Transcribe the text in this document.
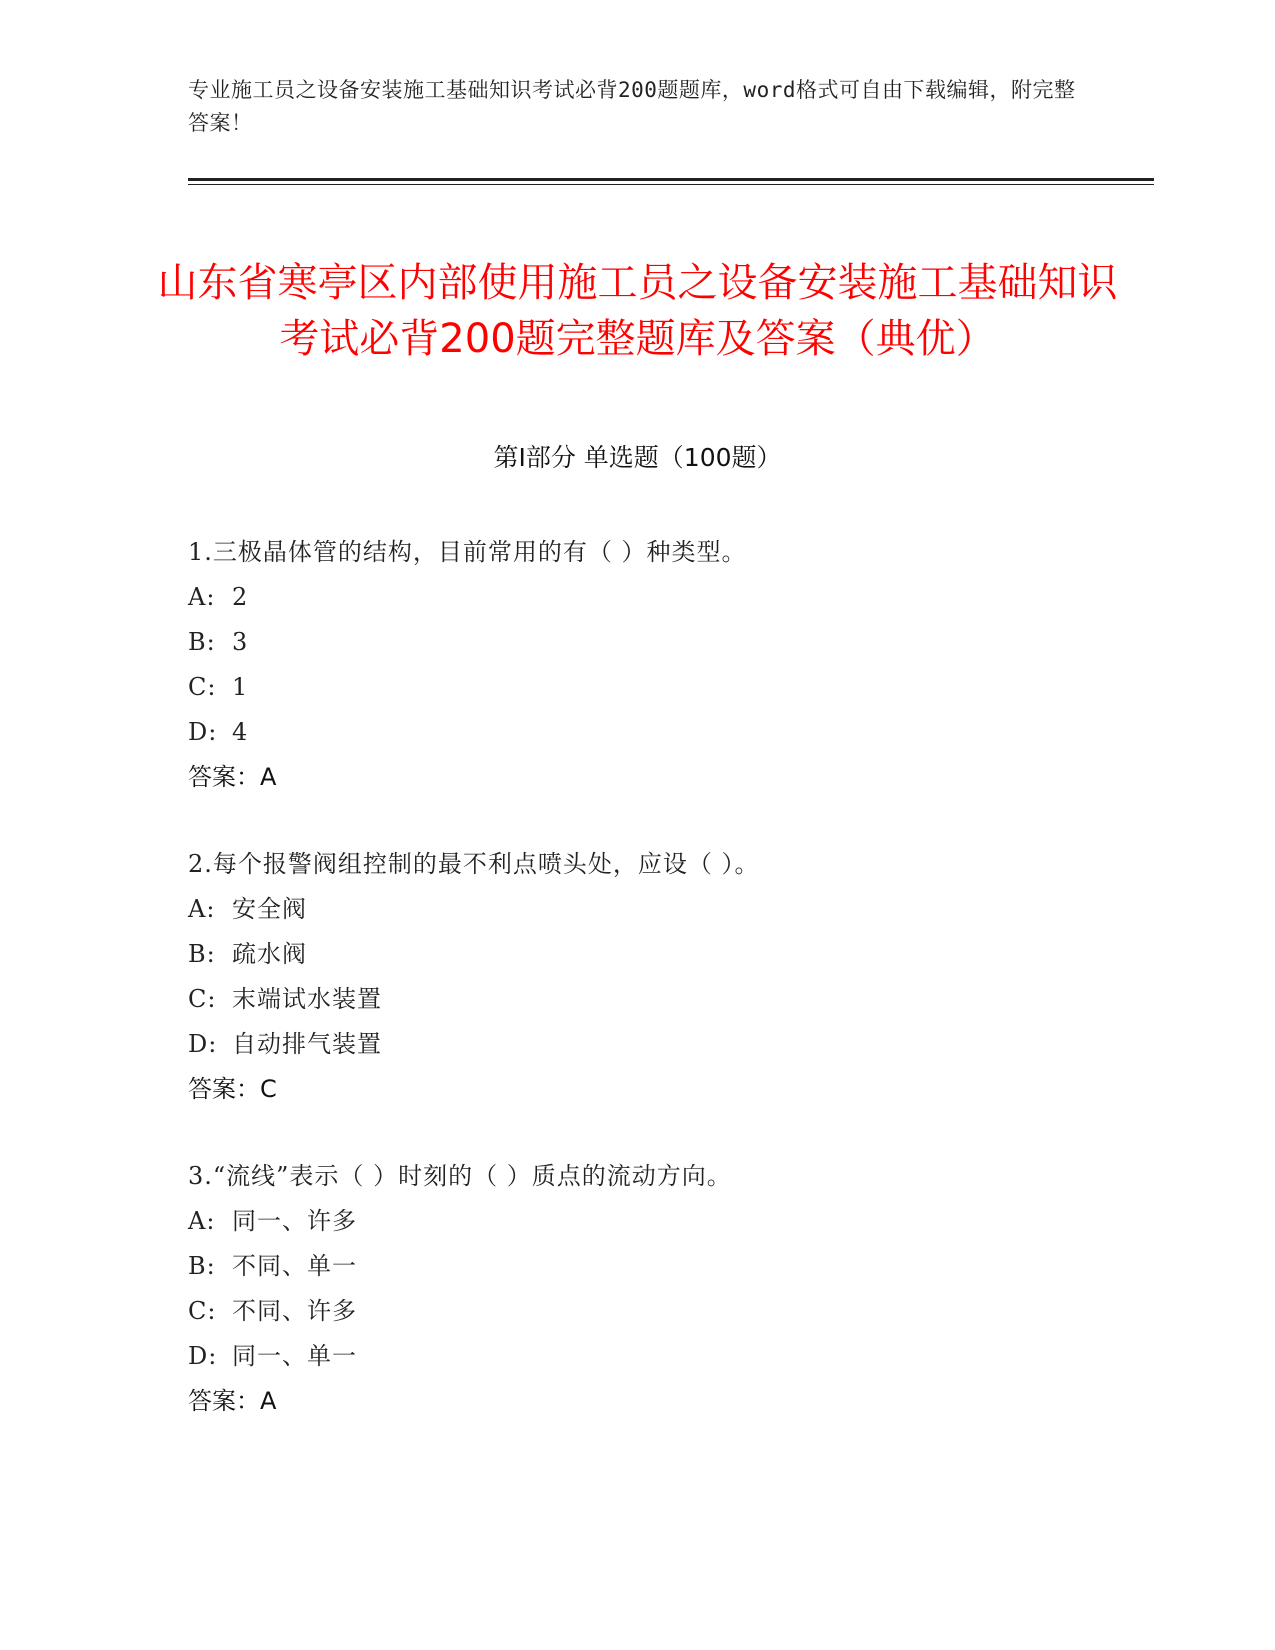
专业施工员之设备安装施工基础知识考试必背200题题库，word格式可自由下载编辑，附完整答案！
山东省寒亭区内部使用施工员之设备安装施工基础知识考试必背200题完整题库及答案（典优）
第Ⅰ部分 单选题（100题）
1.三极晶体管的结构，目前常用的有（ ）种类型。
A: 2
B: 3
C: 1
D: 4
答案：A
2.每个报警阀组控制的最不利点喷头处，应设（ ）。
A: 安全阀
B: 疏水阀
C: 末端试水装置
D: 自动排气装置
答案：C
3.“流线”表示（ ）时刻的（ ）质点的流动方向。
A: 同一、许多
B: 不同、单一
C: 不同、许多
D: 同一、单一
答案：A
